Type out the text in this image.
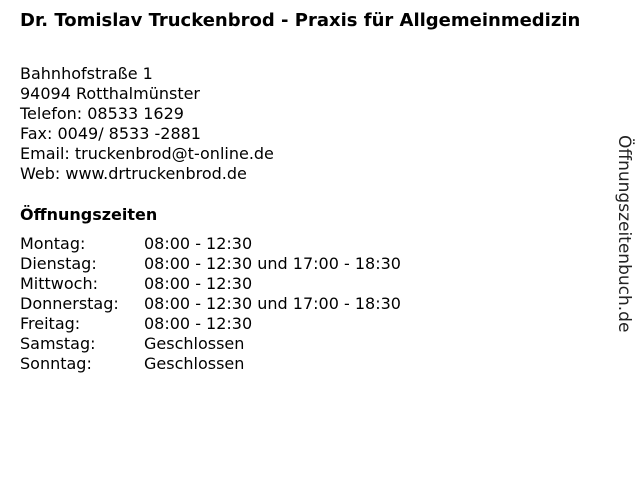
Dr. Tomislav Truckenbrod - Praxis für Allgemeinmedizin
Bahnhofstraße 1
94094 Rotthalmünster
Telefon: 08533 1629
Fax: 0049/ 8533 -2881
Email: truckenbrod@t-online.de
Web: www.drtruckenbrod.de
Öffnungszeiten
Montag:	08:00 - 12:30
Dienstag:	08:00 - 12:30 und 17:00 - 18:30
Mittwoch:	08:00 - 12:30
Donnerstag:	08:00 - 12:30 und 17:00 - 18:30
Freitag:	08:00 - 12:30
Samstag:	Geschlossen
Sonntag:	Geschlossen
Öffnungszeitenbuch.de
